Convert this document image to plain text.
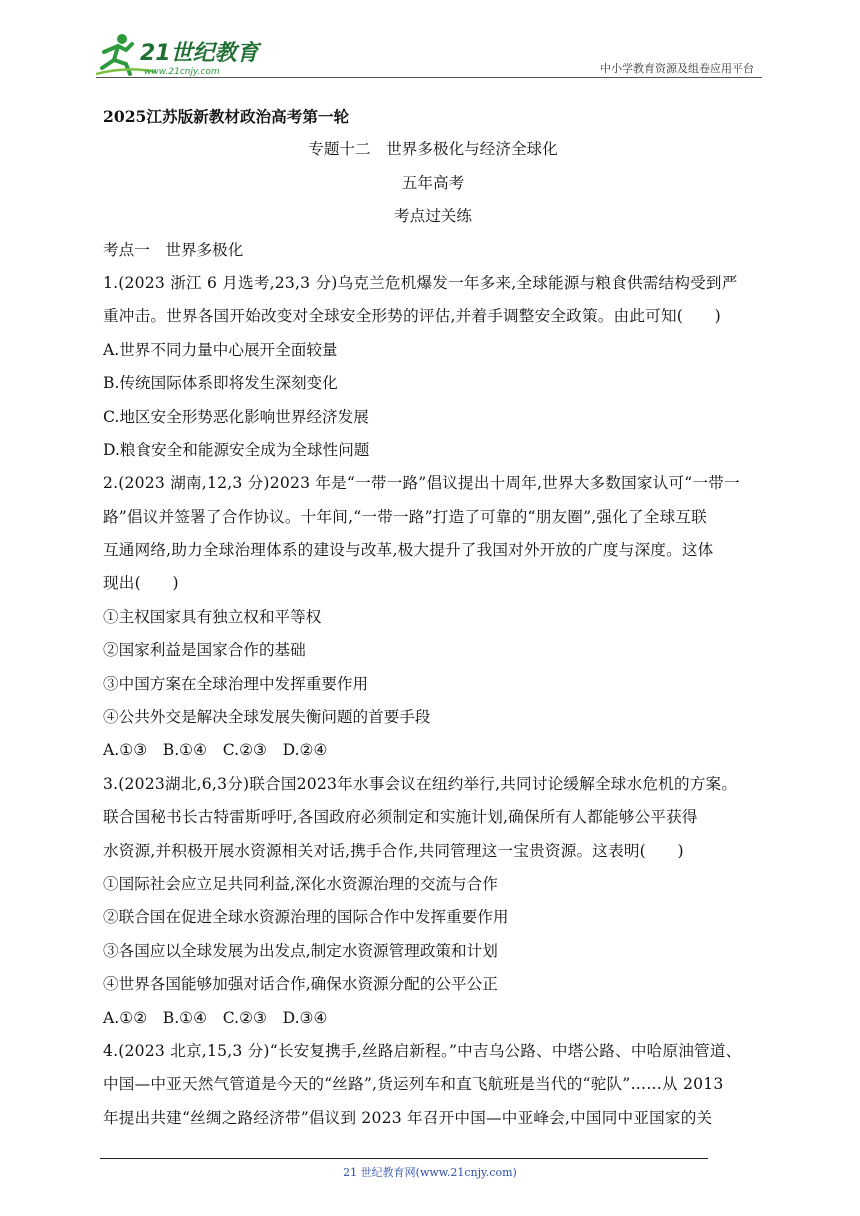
21世纪教育
www.21cnjy.com	中小学教育资源及组卷应用平台
2025江苏版新教材政治高考第一轮
专题十二　世界多极化与经济全球化
五年高考
考点过关练
考点一　世界多极化
1.(2023 浙江 6 月选考,23,3 分)乌克兰危机爆发一年多来,全球能源与粮食供需结构受到严
重冲击。世界各国开始改变对全球安全形势的评估,并着手调整安全政策。由此可知(　　)
A.世界不同力量中心展开全面较量
B.传统国际体系即将发生深刻变化
C.地区安全形势恶化影响世界经济发展
D.粮食安全和能源安全成为全球性问题
2.(2023 湖南,12,3 分)2023 年是“一带一路”倡议提出十周年,世界大多数国家认可“一带一
路”倡议并签署了合作协议。十年间,“一带一路”打造了可靠的“朋友圈”,强化了全球互联
互通网络,助力全球治理体系的建设与改革,极大提升了我国对外开放的广度与深度。这体
现出(　　)
①主权国家具有独立权和平等权
②国家利益是国家合作的基础
③中国方案在全球治理中发挥重要作用
④公共外交是解决全球发展失衡问题的首要手段
A.①③　B.①④　C.②③　D.②④
3.(2023湖北,6,3分)联合国2023年水事会议在纽约举行,共同讨论缓解全球水危机的方案。
联合国秘书长古特雷斯呼吁,各国政府必须制定和实施计划,确保所有人都能够公平获得
水资源,并积极开展水资源相关对话,携手合作,共同管理这一宝贵资源。这表明(　　)
①国际社会应立足共同利益,深化水资源治理的交流与合作
②联合国在促进全球水资源治理的国际合作中发挥重要作用
③各国应以全球发展为出发点,制定水资源管理政策和计划
④世界各国能够加强对话合作,确保水资源分配的公平公正
A.①②　B.①④　C.②③　D.③④
4.(2023 北京,15,3 分)“长安复携手,丝路启新程。”中吉乌公路、中塔公路、中哈原油管道、
中国—中亚天然气管道是今天的“丝路”,货运列车和直飞航班是当代的“驼队”……从 2013
年提出共建“丝绸之路经济带”倡议到 2023 年召开中国—中亚峰会,中国同中亚国家的关
21 世纪教育网(www.21cnjy.com)
